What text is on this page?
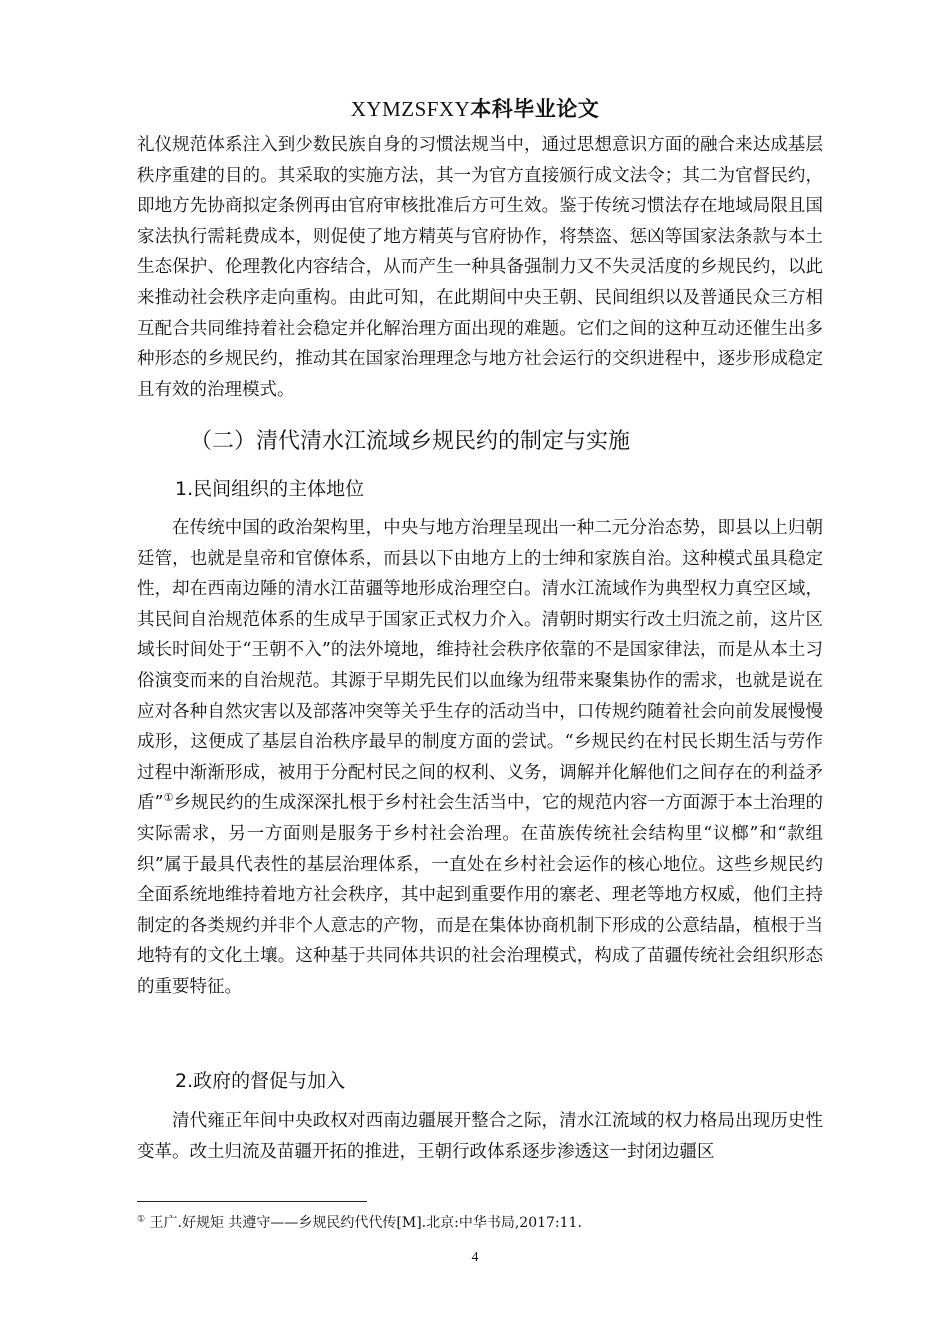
XYMZSFXY本科毕业论文

礼仪规范体系注入到少数民族自身的习惯法规当中，通过思想意识方面的融合来达成基层秩序重建的目的。其采取的实施方法，其一为官方直接颁行成文法令；其二为官督民约，即地方先协商拟定条例再由官府审核批准后方可生效。鉴于传统习惯法存在地域局限且国家法执行需耗费成本，则促使了地方精英与官府协作，将禁盗、惩凶等国家法条款与本土生态保护、伦理教化内容结合，从而产生一种具备强制力又不失灵活度的乡规民约，以此来推动社会秩序走向重构。由此可知，在此期间中央王朝、民间组织以及普通民众三方相互配合共同维持着社会稳定并化解治理方面出现的难题。它们之间的这种互动还催生出多种形态的乡规民约，推动其在国家治理理念与地方社会运行的交织进程中，逐步形成稳定且有效的治理模式。

（二）清代清水江流域乡规民约的制定与实施
1.民间组织的主体地位

在传统中国的政治架构里，中央与地方治理呈现出一种二元分治态势，即县以上归朝廷管，也就是皇帝和官僚体系，而县以下由地方上的士绅和家族自治。这种模式虽具稳定性，却在西南边陲的清水江苗疆等地形成治理空白。清水江流域作为典型权力真空区域，其民间自治规范体系的生成早于国家正式权力介入。清朝时期实行改土归流之前，这片区域长时间处于“王朝不入”的法外境地，维持社会秩序依靠的不是国家律法，而是从本土习俗演变而来的自治规范。其源于早期先民们以血缘为纽带来聚集协作的需求，也就是说在应对各种自然灾害以及部落冲突等关乎生存的活动当中，口传规约随着社会向前发展慢慢成形，这便成了基层自治秩序最早的制度方面的尝试。“乡规民约在村民长期生活与劳作过程中渐渐形成，被用于分配村民之间的权利、义务，调解并化解他们之间存在的利益矛盾”①乡规民约的生成深深扎根于乡村社会生活当中，它的规范内容一方面源于本土治理的实际需求，另一方面则是服务于乡村社会治理。在苗族传统社会结构里“议榔”和“款组织”属于最具代表性的基层治理体系，一直处在乡村社会运作的核心地位。这些乡规民约全面系统地维持着地方社会秩序，其中起到重要作用的寨老、理老等地方权威，他们主持制定的各类规约并非个人意志的产物，而是在集体协商机制下形成的公意结晶，植根于当地特有的文化土壤。这种基于共同体共识的社会治理模式，构成了苗疆传统社会组织形态的重要特征。

2.政府的督促与加入

清代雍正年间中央政权对西南边疆展开整合之际，清水江流域的权力格局出现历史性变革。改土归流及苗疆开拓的推进，王朝行政体系逐步渗透这一封闭边疆区

① 王广.好规矩 共遵守——乡规民约代代传[M].北京:中华书局,2017:11.

4
